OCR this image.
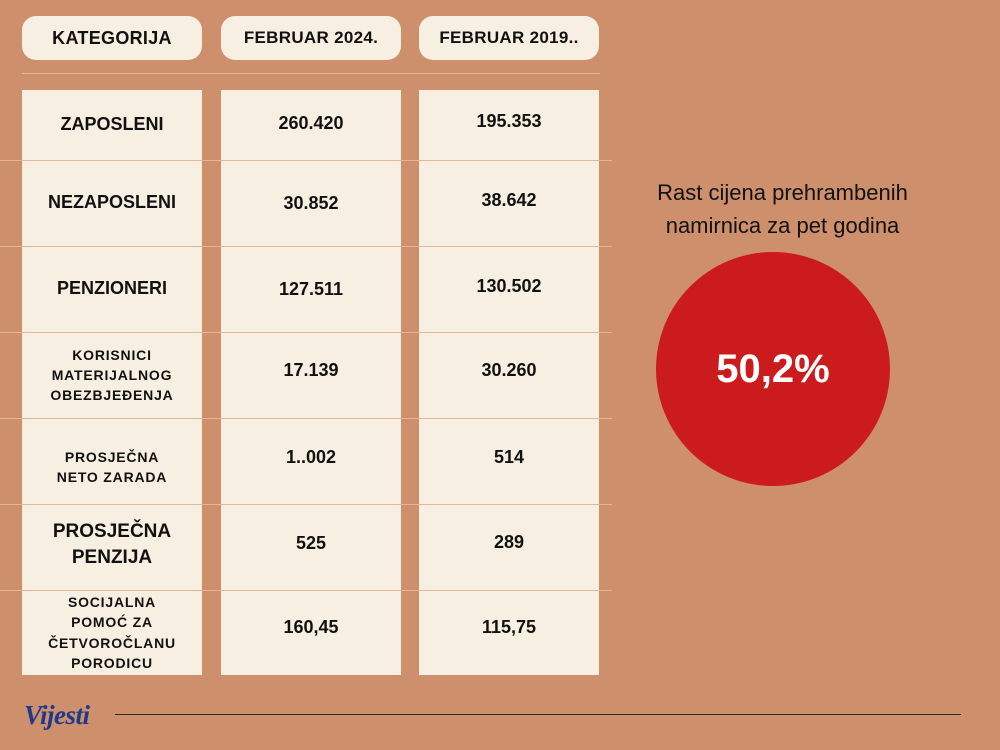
KATEGORIJA	FEBRUAR 2024.	FEBRUAR 2019..
ZAPOSLENI	260.420	195.353
NEZAPOSLENI	30.852	38.642
PENZIONERI	127.511	130.502
KORISNICI
MATERIJALNOG
OBEZBJEĐENJA
17.139	30.260
PROSJEČNA
NETO ZARADA
1..002	514
PROSJEČNA
PENZIJA
525	289
SOCIJALNA
POMOĆ ZA
ČETVOROČLANU
PORODICU
160,45	115,75
Rast cijena prehrambenih
namirnica za pet godina
50,2%
Vijesti
